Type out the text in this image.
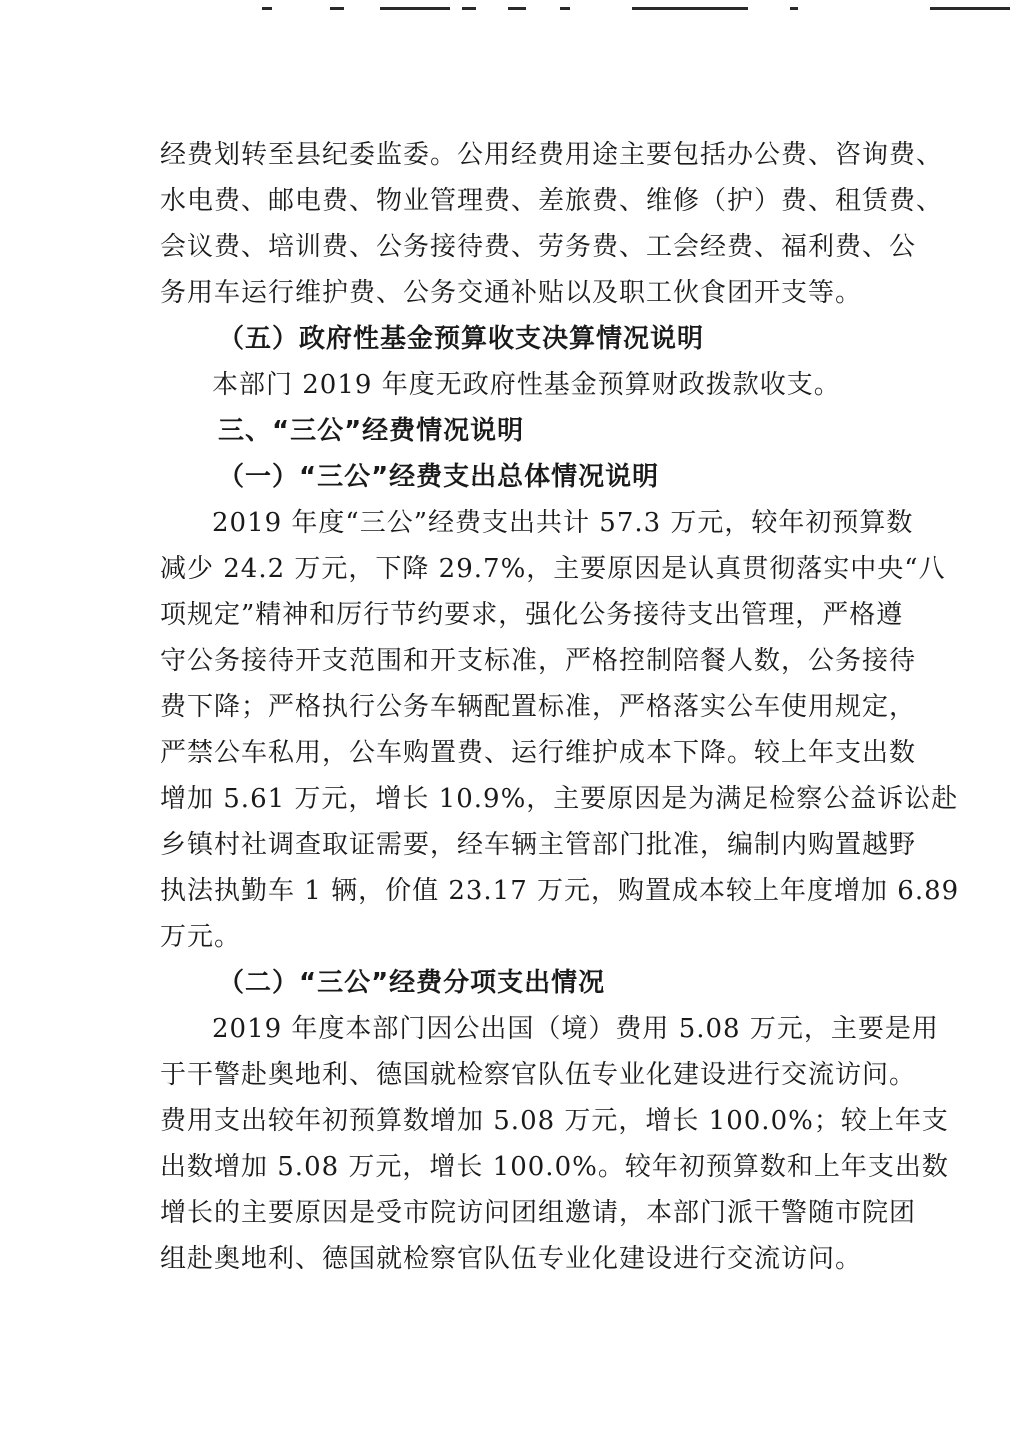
经费划转至县纪委监委。公用经费用途主要包括办公费、咨询费、
水电费、邮电费、物业管理费、差旅费、维修（护）费、租赁费、
会议费、培训费、公务接待费、劳务费、工会经费、福利费、公
务用车运行维护费、公务交通补贴以及职工伙食团开支等。
（五）政府性基金预算收支决算情况说明
本部门 2019 年度无政府性基金预算财政拨款收支。
三、“三公”经费情况说明
（一）“三公”经费支出总体情况说明
2019 年度“三公”经费支出共计 57.3 万元，较年初预算数
减少 24.2 万元，下降 29.7%，主要原因是认真贯彻落实中央“八
项规定”精神和厉行节约要求，强化公务接待支出管理，严格遵
守公务接待开支范围和开支标准，严格控制陪餐人数，公务接待
费下降；严格执行公务车辆配置标准，严格落实公车使用规定，
严禁公车私用，公车购置费、运行维护成本下降。较上年支出数
增加 5.61 万元，增长 10.9%，主要原因是为满足检察公益诉讼赴
乡镇村社调查取证需要，经车辆主管部门批准，编制内购置越野
执法执勤车 1 辆，价值 23.17 万元，购置成本较上年度增加 6.89
万元。
（二）“三公”经费分项支出情况
2019 年度本部门因公出国（境）费用 5.08 万元，主要是用
于干警赴奥地利、德国就检察官队伍专业化建设进行交流访问。
费用支出较年初预算数增加 5.08 万元，增长 100.0%；较上年支
出数增加 5.08 万元，增长 100.0%。较年初预算数和上年支出数
增长的主要原因是受市院访问团组邀请，本部门派干警随市院团
组赴奥地利、德国就检察官队伍专业化建设进行交流访问。
